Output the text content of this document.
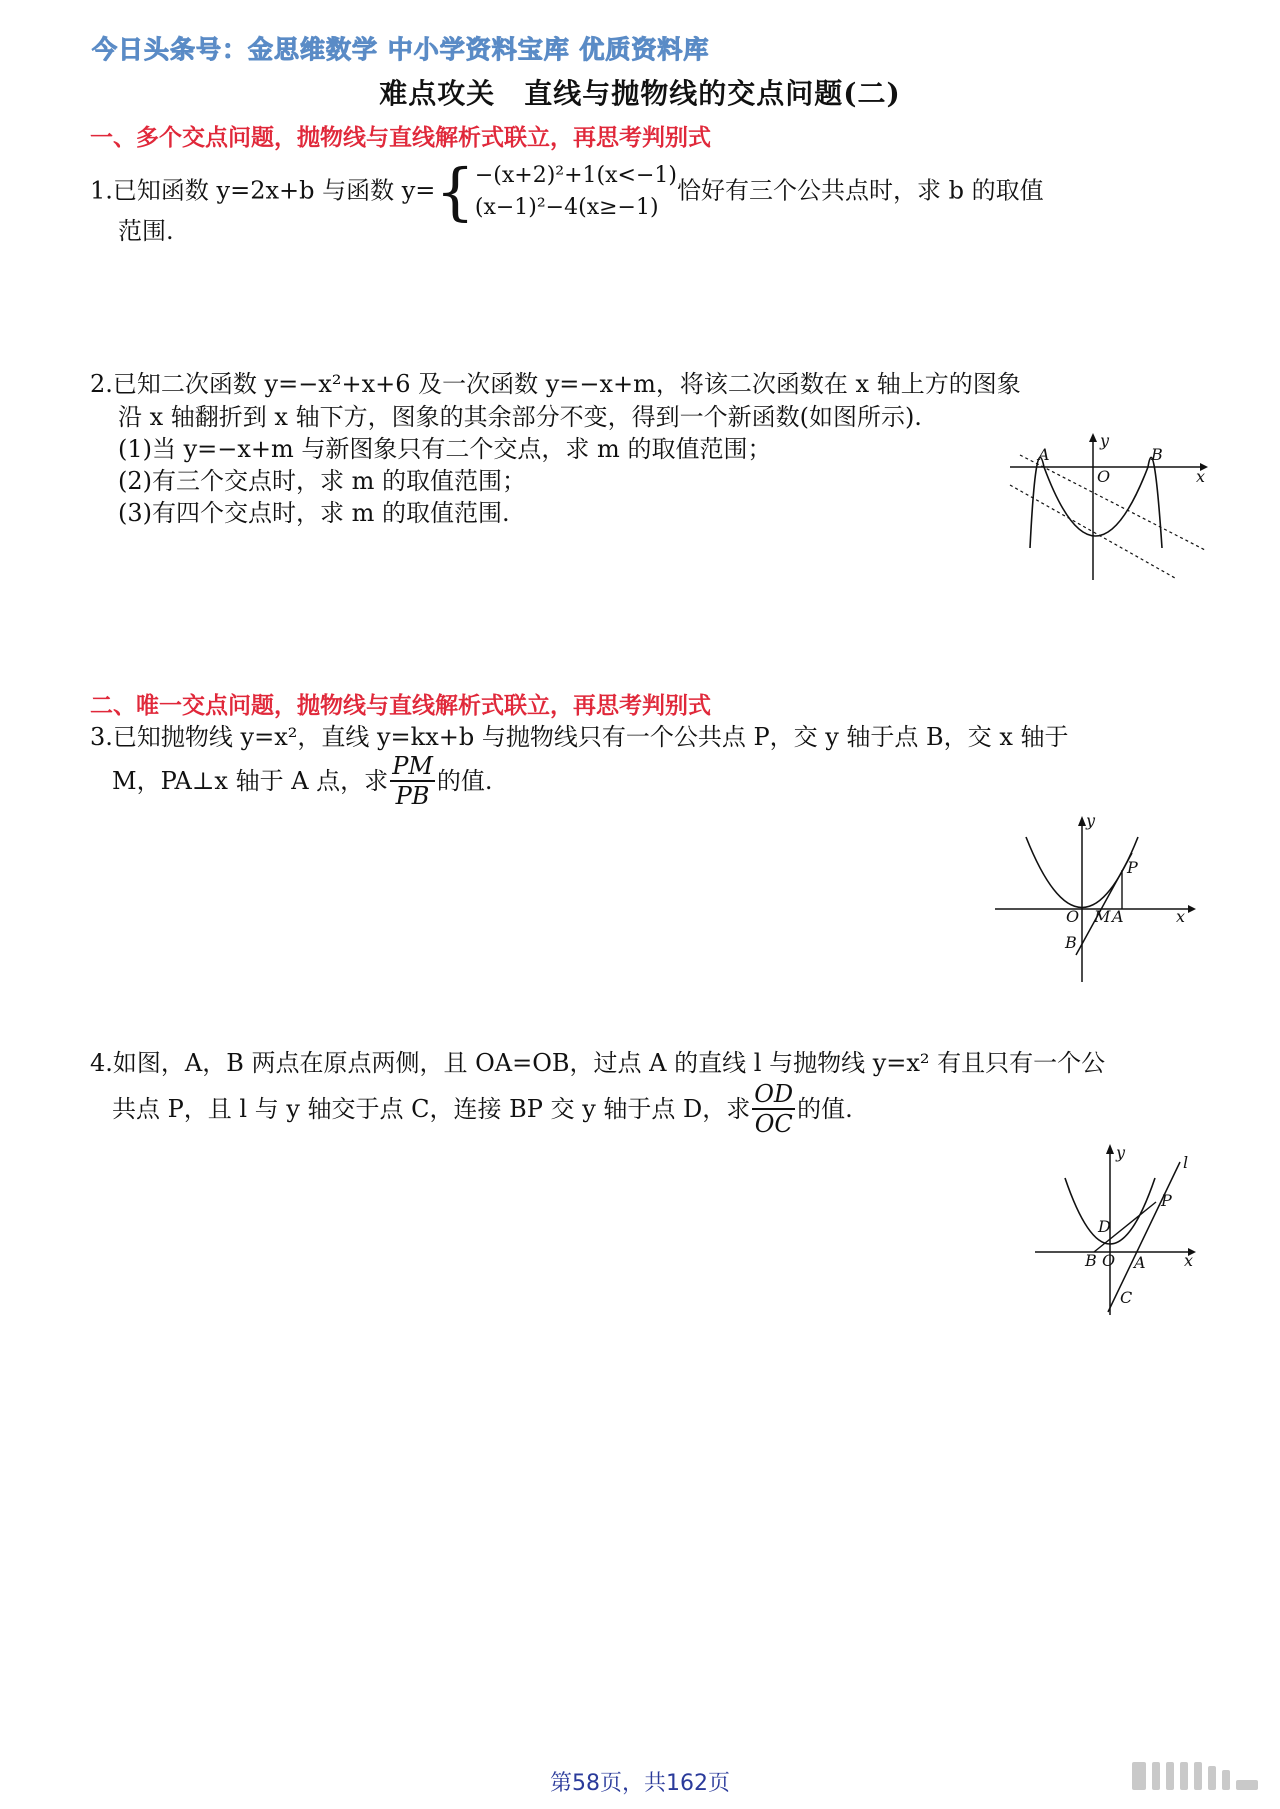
今日头条号：金思维数学 中小学资料宝库 优质资料库
难点攻关　直线与抛物线的交点问题(二)
一、多个交点问题，抛物线与直线解析式联立，再思考判别式
1.已知函数 y=2x+b 与函数 y={ −(x+2)²+1(x<−1)
(x−1)²−4(x≥−1)
恰好有三个公共点时，求 b 的取值
范围.
2.已知二次函数 y=−x²+x+6 及一次函数 y=−x+m，将该二次函数在 x 轴上方的图象
沿 x 轴翻折到 x 轴下方，图象的其余部分不变，得到一个新函数(如图所示).
(1)当 y=−x+m 与新图象只有二个交点，求 m 的取值范围；
(2)有三个交点时，求 m 的取值范围；
(3)有四个交点时，求 m 的取值范围.
A
O
B
y
x
二、唯一交点问题，抛物线与直线解析式联立，再思考判别式
3.已知抛物线 y=x²，直线 y=kx+b 与抛物线只有一个公共点 P，交 y 轴于点 B，交 x 轴于
M，PA⊥x 轴于 A 点，求 $\frac{PM}{PB}$ 的值.
y
P
O M A	x
B
4.如图，A，B 两点在原点两侧，且 OA=OB，过点 A 的直线 l 与抛物线 y=x² 有且只有一个公
共点 P，且 l 与 y 轴交于点 C，连接 BP 交 y 轴于点 D，求 $\frac{OD}{OC}$ 的值.
y
l
P
D
B O A x
C
第58页，共162页
